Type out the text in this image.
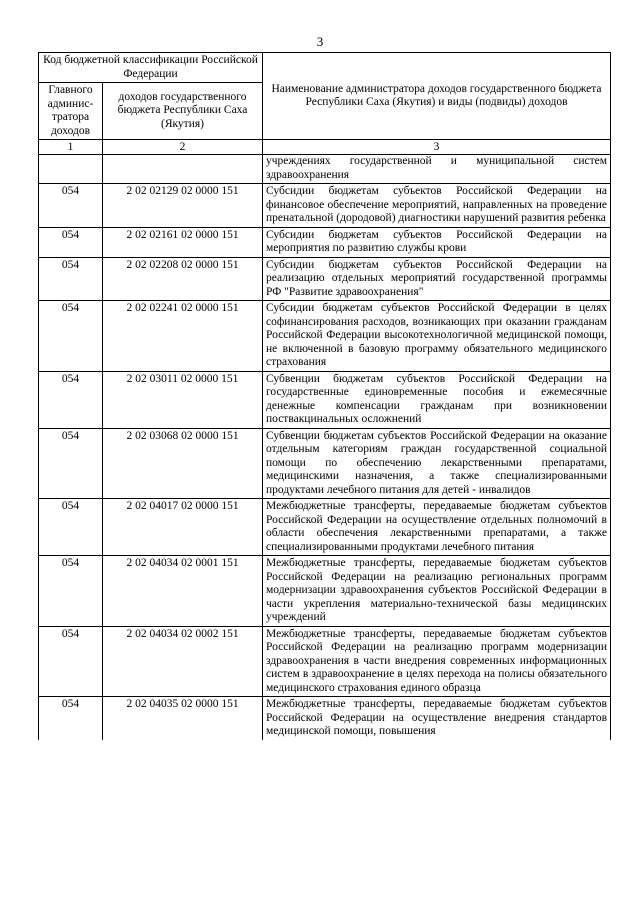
3
Код бюджетной классификации Российской Федерации		Наименование администратора доходов государственного бюджета Республики Саха (Якутия) и виды (подвиды) доходов
Главного админис-тратора доходов	доходов государственного бюджета Республики Саха (Якутия)	
1	2	3
		учреждениях государственной и муниципальной систем здравоохранения
054	2 02 02129 02 0000 151	Субсидии бюджетам субъектов Российской Федерации на финансовое обеспечение мероприятий, направленных на проведение пренатальной (дородовой) диагностики нарушений развития ребенка
054	2 02 02161 02 0000 151	Субсидии бюджетам субъектов Российской Федерации на мероприятия по развитию службы крови
054	2 02 02208 02 0000 151	Субсидии бюджетам субъектов Российской Федерации на реализацию отдельных мероприятий государственной программы РФ "Развитие здравоохранения"
054	2 02 02241 02 0000 151	Субсидии бюджетам субъектов Российской Федерации в целях софинансирования расходов, возникающих при оказании гражданам Российской Федерации высокотехнологичной медицинской помощи, не включенной в базовую программу обязательного медицинского страхования
054	2 02 03011 02 0000 151	Субвенции бюджетам субъектов Российской Федерации на государственные единовременные пособия и ежемесячные денежные компенсации гражданам при возникновении поствакцинальных осложнений
054	2 02 03068 02 0000 151	Субвенции бюджетам субъектов Российской Федерации на оказание отдельным категориям граждан государственной социальной помощи по обеспечению лекарственными препаратами, медицинскими назначения, а также специализированными продуктами лечебного питания для детей - инвалидов
054	2 02 04017 02 0000 151	Межбюджетные трансферты, передаваемые бюджетам субъектов Российской Федерации на осуществление отдельных полномочий в области обеспечения лекарственными препаратами, а также специализированными продуктами лечебного питания
054	2 02 04034 02 0001 151	Межбюджетные трансферты, передаваемые бюджетам субъектов Российской Федерации на реализацию региональных программ модернизации здравоохранения субъектов Российской Федерации в части укрепления материально-технической базы медицинских учреждений
054	2 02 04034 02 0002 151	Межбюджетные трансферты, передаваемые бюджетам субъектов Российской Федерации на реализацию программ модернизации здравоохранения в части внедрения современных информационных систем в здравоохранение в целях перехода на полисы обязательного медицинского страхования единого образца
054	2 02 04035 02 0000 151	Межбюджетные трансферты, передаваемые бюджетам субъектов Российской Федерации на осуществление внедрения стандартов медицинской помощи, повышения
